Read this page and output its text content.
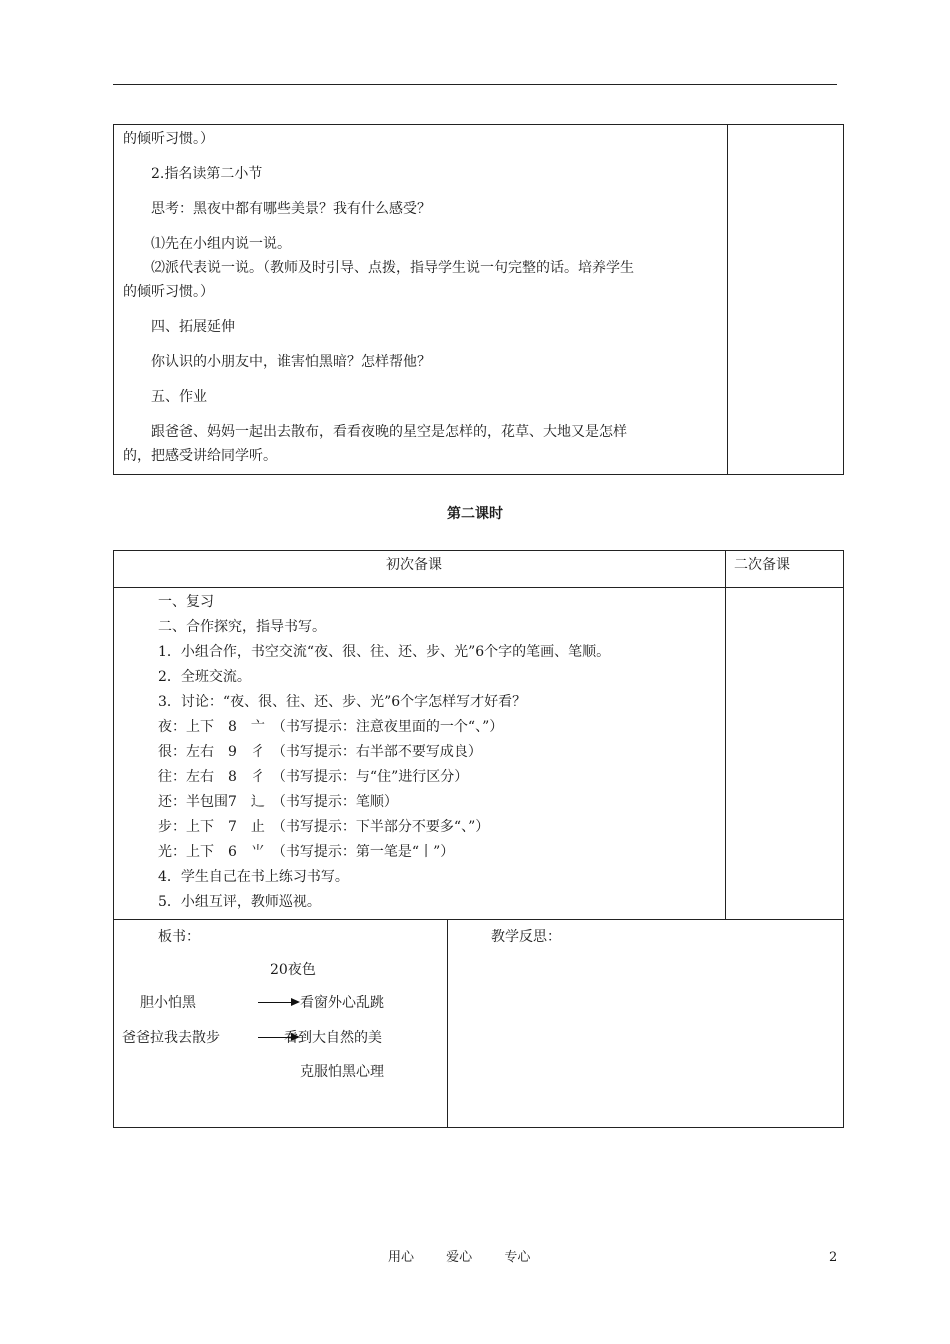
的倾听习惯。）
2.指名读第二小节
思考：黑夜中都有哪些美景？我有什么感受？
⑴先在小组内说一说。
⑵派代表说一说。（教师及时引导、点拨，指导学生说一句完整的话。培养学生
的倾听习惯。）
四、拓展延伸
你认识的小朋友中，谁害怕黑暗？怎样帮他？
五、作业
跟爸爸、妈妈一起出去散布，看看夜晚的星空是怎样的，花草、大地又是怎样
的，把感受讲给同学听。
第二课时
初次备课	二次备课
一、复习
二、合作探究，指导书写。
1．小组合作，书空交流“夜、很、往、还、步、光”6个字的笔画、笔顺。
2．全班交流。
3．讨论：“夜、很、往、还、步、光”6个字怎样写才好看？
夜：上下　8　亠　（书写提示：注意夜里面的一个“、”）
很：左右　9　彳　（书写提示：右半部不要写成良）
往：左右　8　彳　（书写提示：与“住”进行区分）
还：半包围7　辶　（书写提示：笔顺）
步：上下　7　止　（书写提示：下半部分不要多“、”）
光：上下　6　⺌　（书写提示：第一笔是“丨”）
4．学生自己在书上练习书写。
5．小组互评，教师巡视。
板书：
20夜色
胆小怕黑	看窗外心乱跳
爸爸拉我去散步	看到大自然的美
克服怕黑心理
教学反思：
用心 爱心 专心	2
